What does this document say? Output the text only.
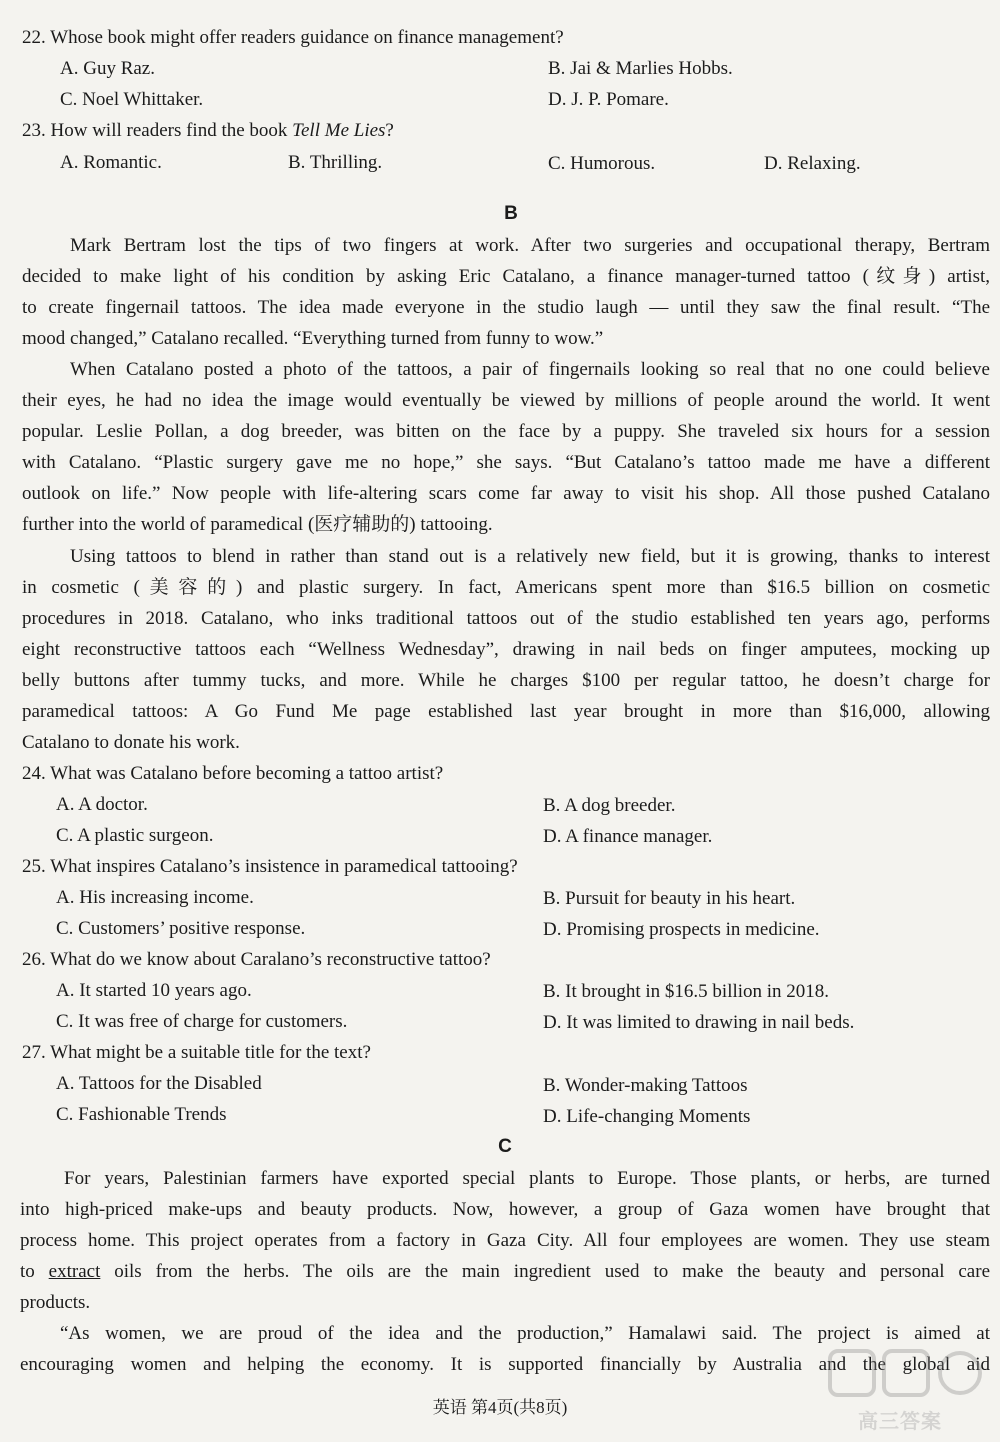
22. Whose book might offer readers guidance on finance management?
A. Guy Raz.	B. Jai & Marlies Hobbs.
C. Noel Whittaker.	D. J. P. Pomare.
23. How will readers find the book Tell Me Lies?
A. Romantic.	B. Thrilling.	C. Humorous.	D. Relaxing.
B
Mark Bertram lost the tips of two fingers at work. After two surgeries and occupational therapy, Bertram
decided to make light of his condition by asking Eric Catalano, a finance manager-turned tattoo (纹身) artist,
to create fingernail tattoos. The idea made everyone in the studio laugh — until they saw the final result. “The
mood changed,” Catalano recalled. “Everything turned from funny to wow.”
When Catalano posted a photo of the tattoos, a pair of fingernails looking so real that no one could believe
their eyes, he had no idea the image would eventually be viewed by millions of people around the world. It went
popular. Leslie Pollan, a dog breeder, was bitten on the face by a puppy. She traveled six hours for a session
with Catalano. “Plastic surgery gave me no hope,” she says. “But Catalano’s tattoo made me have a different
outlook on life.” Now people with life-altering scars come far away to visit his shop. All those pushed Catalano
further into the world of paramedical (医疗辅助的) tattooing.
Using tattoos to blend in rather than stand out is a relatively new field, but it is growing, thanks to interest
in cosmetic (美容的) and plastic surgery. In fact, Americans spent more than $16.5 billion on cosmetic
procedures in 2018. Catalano, who inks traditional tattoos out of the studio established ten years ago, performs
eight reconstructive tattoos each “Wellness Wednesday”, drawing in nail beds on finger amputees, mocking up
belly buttons after tummy tucks, and more. While he charges $100 per regular tattoo, he doesn’t charge for
paramedical tattoos: A Go Fund Me page established last year brought in more than $16,000, allowing
Catalano to donate his work.
24. What was Catalano before becoming a tattoo artist?
A. A doctor.	B. A dog breeder.
C. A plastic surgeon.	D. A finance manager.
25. What inspires Catalano’s insistence in paramedical tattooing?
A. His increasing income.	B. Pursuit for beauty in his heart.
C. Customers’ positive response.	D. Promising prospects in medicine.
26. What do we know about Caralano’s reconstructive tattoo?
A. It started 10 years ago.	B. It brought in $16.5 billion in 2018.
C. It was free of charge for customers.	D. It was limited to drawing in nail beds.
27. What might be a suitable title for the text?
A. Tattoos for the Disabled	B. Wonder-making Tattoos
C. Fashionable Trends	D. Life-changing Moments
C
For years, Palestinian farmers have exported special plants to Europe. Those plants, or herbs, are turned
into high-priced make-ups and beauty products. Now, however, a group of Gaza women have brought that
process home. This project operates from a factory in Gaza City. All four employees are women. They use steam
to extract oils from the herbs. The oils are the main ingredient used to make the beauty and personal care
products.
“As women, we are proud of the idea and the production,” Hamalawi said. The project is aimed at
encouraging women and helping the economy. It is supported financially by Australia and the global aid
英语 第4页(共8页)
高三答案
